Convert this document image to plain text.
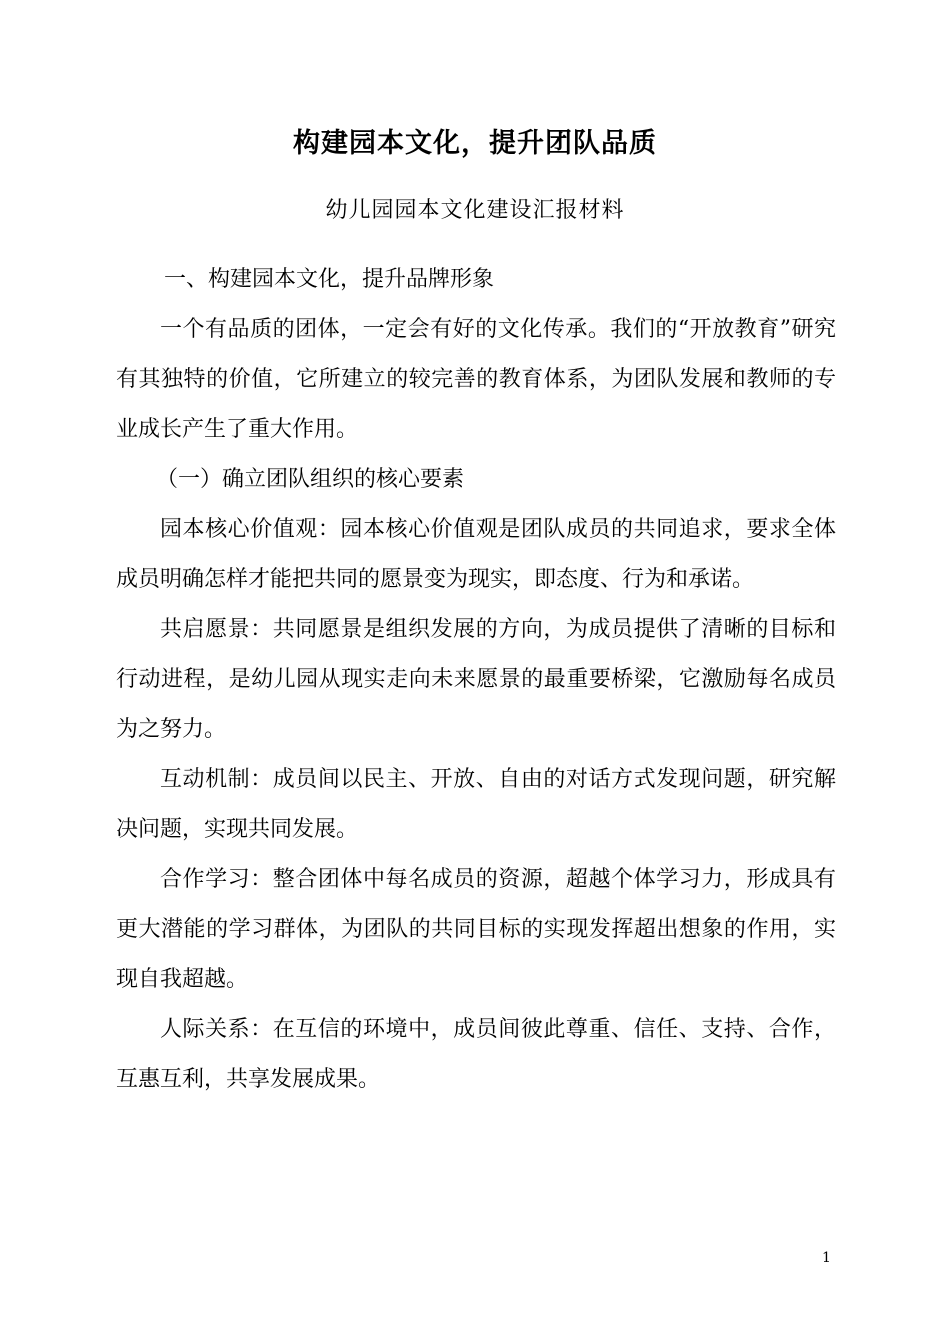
构建园本文化，提升团队品质
幼儿园园本文化建设汇报材料

一、构建园本文化，提升品牌形象

一个有品质的团体，一定会有好的文化传承。我们的“开放教育”研究有其独特的价值，它所建立的较完善的教育体系，为团队发展和教师的专业成长产生了重大作用。

（一）确立团队组织的核心要素

园本核心价值观：园本核心价值观是团队成员的共同追求，要求全体成员明确怎样才能把共同的愿景变为现实，即态度、行为和承诺。

共启愿景：共同愿景是组织发展的方向，为成员提供了清晰的目标和行动进程，是幼儿园从现实走向未来愿景的最重要桥梁，它激励每名成员为之努力。

互动机制：成员间以民主、开放、自由的对话方式发现问题，研究解决问题，实现共同发展。

合作学习：整合团体中每名成员的资源，超越个体学习力，形成具有更大潜能的学习群体，为团队的共同目标的实现发挥超出想象的作用，实现自我超越。

人际关系：在互信的环境中，成员间彼此尊重、信任、支持、合作，互惠互利，共享发展成果。

1
